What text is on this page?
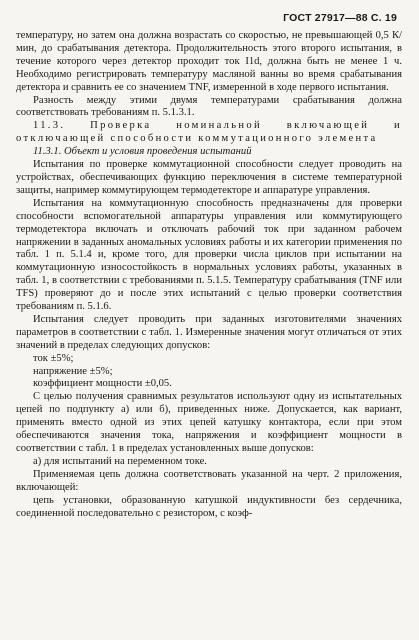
ГОСТ 27917—88 С. 19

температуру, но затем она должна возрастать со скоростью, не превышающей 0,5 К/мин, до срабатывания детектора. Продолжительность этого второго испытания, в течение которого через детектор проходит ток I1d, должна быть не менее 1 ч. Необходимо регистрировать температуру масляной ванны во время срабатывания детектора и сравнить ее со значением TNF, измеренной в ходе первого испытания.

Разность между этими двумя температурами срабатывания должна соответствовать требованиям п. 5.1.3.1.

11.3. Проверка номинальной включающей и отключающей способности коммутационного элемента

11.3.1. Объект и условия проведения испытаний

Испытания по проверке коммутационной способности следует проводить на устройствах, обеспечивающих функцию переключения в системе температурной защиты, например коммутирующем термодетекторе и аппаратуре управления.

Испытания на коммутационную способность предназначены для проверки способности вспомогательной аппаратуры управления или коммутирующего термодетектора включать и отключать рабочий ток при заданном рабочем напряжении в заданных аномальных условиях работы и их категории применения по табл. 1 п. 5.1.4 и, кроме того, для проверки числа циклов при испытании на коммутационную износостойкость в нормальных условиях работы, указанных в табл. 1, в соответствии с требованиями п. 5.1.5. Температуру срабатывания (TNF или TFS) проверяют до и после этих испытаний с целью проверки соответствия требованиям п. 5.1.6.

Испытания следует проводить при заданных изготовителями значениях параметров в соответствии с табл. 1. Измеренные значения могут отличаться от этих значений в пределах следующих допусков:

ток ±5%;

напряжение ±5%;

коэффициент мощности ±0,05.

С целью получения сравнимых результатов используют одну из испытательных цепей по подпункту а) или б), приведенных ниже. Допускается, как вариант, применять вместо одной из этих цепей катушку контактора, если при этом обеспечиваются значения тока, напряжения и коэффициент мощности в соответствии с табл. 1 в пределах установленных выше допусков:

а) для испытаний на переменном токе.

Применяемая цепь должна соответствовать указанной на черт. 2 приложения, включающей:

цепь установки, образованную катушкой индуктивности без сердечника, соединенной последовательно с резистором, с коэф-
